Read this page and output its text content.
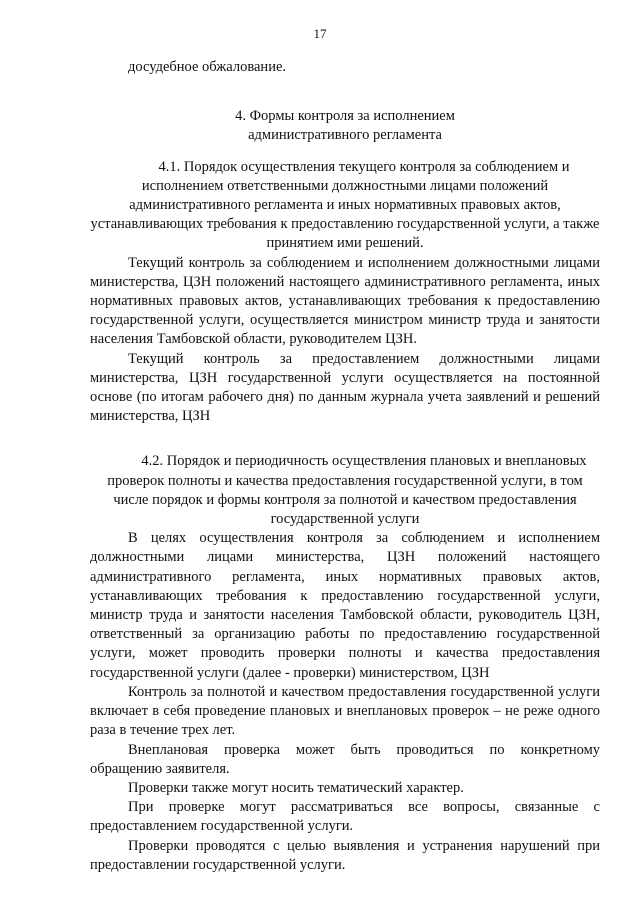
17

досудебное обжалование.

4. Формы контроля за исполнением
административного регламента

4.1. Порядок осуществления текущего контроля за соблюдением и исполнением ответственными должностными лицами положений административного регламента и иных нормативных правовых актов, устанавливающих требования к предоставлению государственной услуги, а также принятием ими решений.

Текущий контроль за соблюдением и исполнением должностными лицами министерства, ЦЗН положений настоящего административного регламента, иных нормативных правовых актов, устанавливающих требования к предоставлению государственной услуги, осуществляется министром министр труда и занятости населения Тамбовской области, руководителем ЦЗН.

Текущий контроль за предоставлением должностными лицами министерства, ЦЗН государственной услуги осуществляется на постоянной основе (по итогам рабочего дня) по данным журнала учета заявлений и решений министерства, ЦЗН

4.2. Порядок и периодичность осуществления плановых и внеплановых проверок полноты и качества предоставления государственной услуги, в том числе порядок и формы контроля за полнотой и качеством предоставления государственной услуги

В целях осуществления контроля за соблюдением и исполнением должностными лицами министерства, ЦЗН положений настоящего административного регламента, иных нормативных правовых актов, устанавливающих требования к предоставлению государственной услуги, министр труда и занятости населения Тамбовской области, руководитель ЦЗН, ответственный за организацию работы по предоставлению государственной услуги, может проводить проверки полноты и качества предоставления государственной услуги (далее - проверки) министерством, ЦЗН

Контроль за полнотой и качеством предоставления государственной услуги включает в себя проведение плановых и внеплановых проверок – не реже одного раза в течение трех лет.

Внеплановая проверка может быть проводиться по конкретному обращению заявителя.

Проверки также могут носить тематический характер.

При проверке могут рассматриваться все вопросы, связанные с предоставлением государственной услуги.

Проверки проводятся с целью выявления и устранения нарушений при предоставлении государственной услуги.
